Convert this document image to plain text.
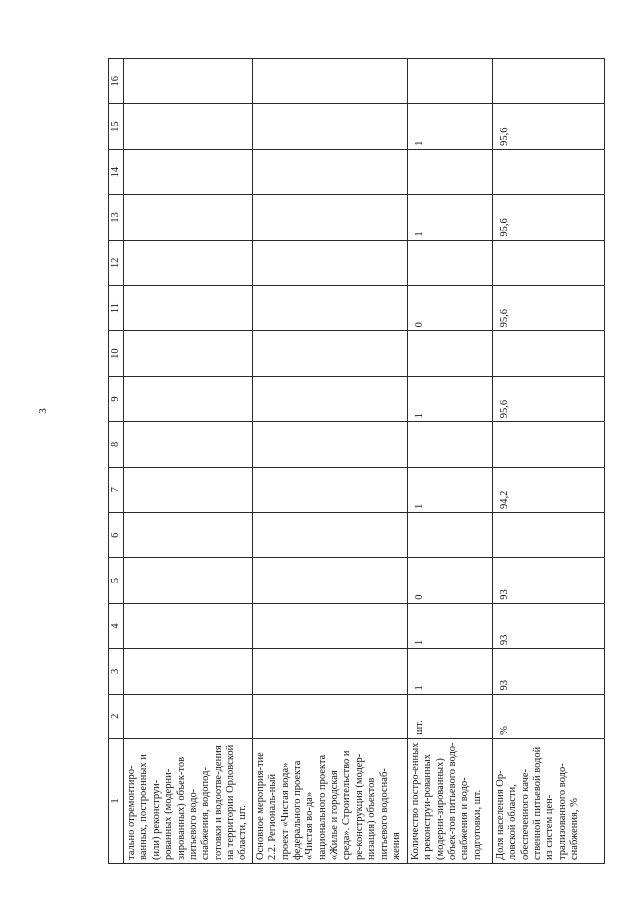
3
1	2	3	4	5	6	7	8	9	10	11	12	13	14	15	16
тально отремонтиро-ванных, построенных и (или) реконструи-рованных (модерни-зированных) объек-тов питьевого водо-снабжения, водопод-готовки и водоотве-дения на территории Орловской области, шт.															
Основное мероприя-тие 2.2. Региональ-ный проект «Чистая вода» федерального проекта «Чистая во-да» национального проекта «Жилье и городская среда». Строительство и ре-конструкция (модер-низация) объектов питьевого водоснаб-жения															
Количество постро-енных и реконструи-рованных (модерни-зированных) объек-тов питьевого водо-снабжения и водо-подготовки, шт.	шт.	1	1	0		1		1		0		1		1	
Доля населения Ор-ловской области, обеспеченного каче-ственной питьевой водой из систем цен-трализованного водо-снабжения, %	%	93	93	93		94,2		95,6		95,6		95,6		95,6	
